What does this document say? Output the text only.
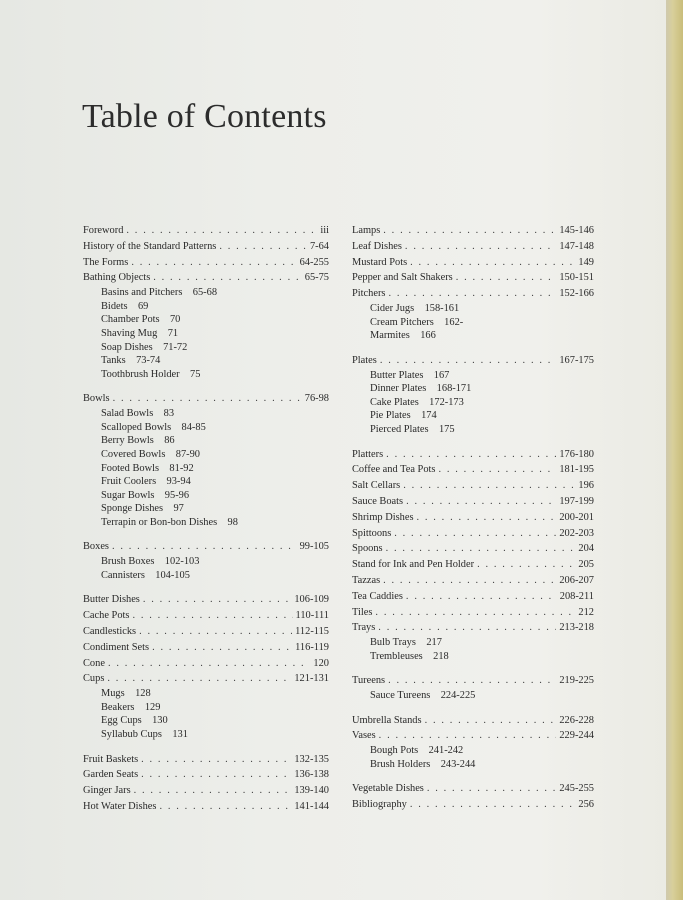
Table of Contents
Foreword . . .	iii
History of the Standard Patterns . . .	7-64
The Forms . . .	64-255
Bathing Objects . . .	65-75
Basins and Pitchers  65-68
Bidets  69
Chamber Pots  70
Shaving Mug  71
Soap Dishes  71-72
Tanks  73-74
Toothbrush Holder  75
Bowls . . .	76-98
Salad Bowls  83
Scalloped Bowls  84-85
Berry Bowls  86
Covered Bowls  87-90
Footed Bowls  81-92
Fruit Coolers  93-94
Sugar Bowls  95-96
Sponge Dishes  97
Terrapin or Bon-bon Dishes  98
Boxes . . .	99-105
Brush Boxes  102-103
Cannisters  104-105
Butter Dishes . . .	106-109
Cache Pots . . .	110-111
Candlesticks . . .	112-115
Condiment Sets . . .	116-119
Cone . . .	120
Cups . . .	121-131
Mugs  128
Beakers  129
Egg Cups  130
Syllabub Cups  131
Fruit Baskets . . .	132-135
Garden Seats . . .	136-138
Ginger Jars . . .	139-140
Hot Water Dishes . . .	141-144
Lamps . . .	145-146
Leaf Dishes . . .	147-148
Mustard Pots . . .	149
Pepper and Salt Shakers . . .	150-151
Pitchers . . .	152-166
Cider Jugs  158-161
Cream Pitchers  162-
Marmites  166
Plates . . .	167-175
Butter Plates  167
Dinner Plates  168-171
Cake Plates  172-173
Pie Plates  174
Pierced Plates  175
Platters . . .	176-180
Coffee and Tea Pots . . .	181-195
Salt Cellars . . .	196
Sauce Boats . . .	197-199
Shrimp Dishes . . .	200-201
Spittoons . . .	202-203
Spoons . . .	204
Stand for Ink and Pen Holder . . .	205
Tazzas . . .	206-207
Tea Caddies . . .	208-211
Tiles . . .	212
Trays . . .	213-218
Bulb Trays  217
Trembleuses  218
Tureens . . .	219-225
Sauce Tureens  224-225
Umbrella Stands . . .	226-228
Vases . . .	229-244
Bough Pots  241-242
Brush Holders  243-244
Vegetable Dishes . . .	245-255
Bibliography . . .	256
